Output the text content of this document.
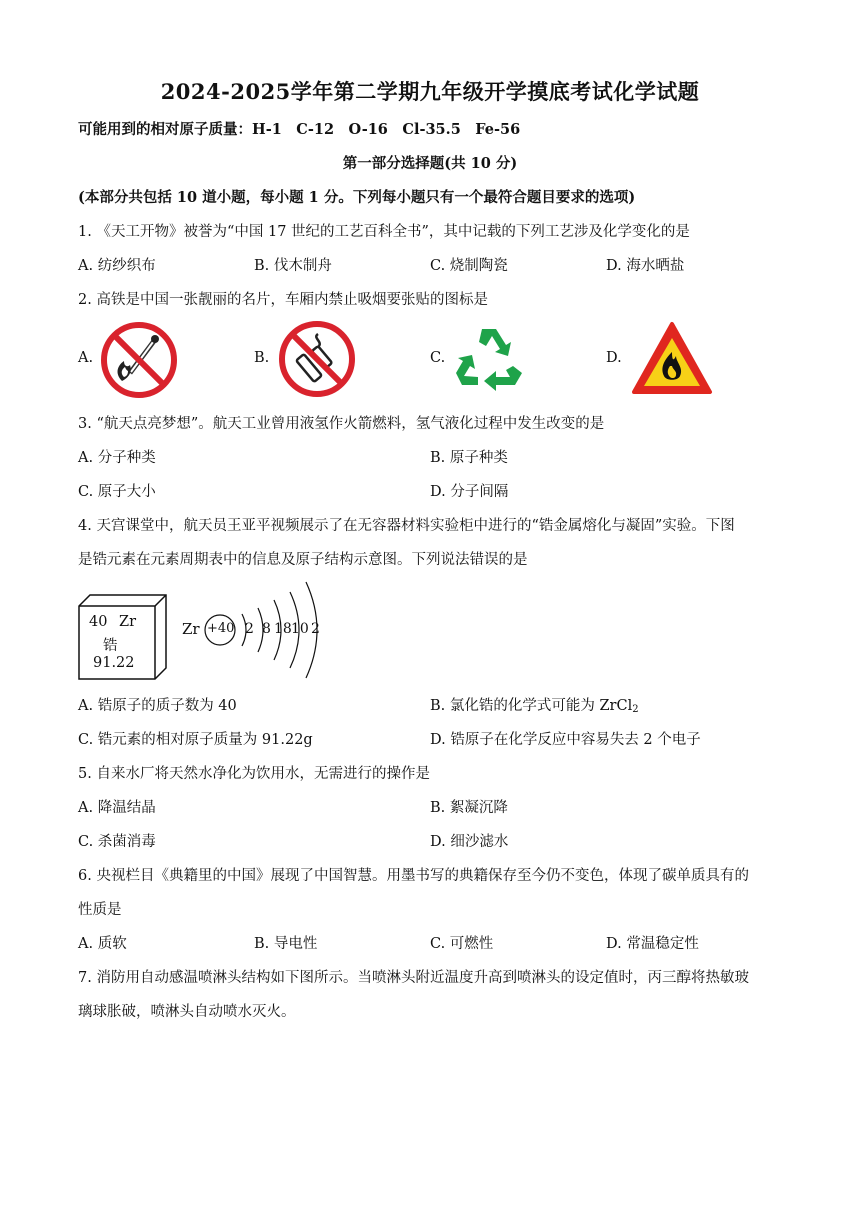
2024-2025学年第二学期九年级开学摸底考试化学试题
可能用到的相对原子质量：H-1　C-12　O-16　Cl-35.5　Fe-56
第一部分选择题(共 10 分)
(本部分共包括 10 道小题，每小题 1 分。下列每小题只有一个最符合题目要求的选项)
1. 《天工开物》被誉为“中国 17 世纪的工艺百科全书”，其中记载的下列工艺涉及化学变化的是
A. 纺纱织布	B. 伐木制舟	C. 烧制陶瓷	D. 海水晒盐
2. 高铁是中国一张靓丽的名片，车厢内禁止吸烟要张贴的图标是
A.	B.	C.	D.
3. “航天点亮梦想”。航天工业曾用液氢作火箭燃料，氢气液化过程中发生改变的是
A. 分子种类	B. 原子种类
C. 原子大小	D. 分子间隔
4. 天宫课堂中，航天员王亚平视频展示了在无容器材料实验柜中进行的“锆金属熔化与凝固”实验。下图
是锆元素在元素周期表中的信息及原子结构示意图。下列说法错误的是
40 Zr
锆
91.22
Zr +40 2 8 18 10 2
A. 锆原子的质子数为 40	B. 氯化锆的化学式可能为 ZrCl$_2$
C. 锆元素的相对原子质量为 91.22g	D. 锆原子在化学反应中容易失去 2 个电子
5. 自来水厂将天然水净化为饮用水，无需进行的操作是
A. 降温结晶	B. 絮凝沉降
C. 杀菌消毒	D. 细沙滤水
6. 央视栏目《典籍里的中国》展现了中国智慧。用墨书写的典籍保存至今仍不变色，体现了碳单质具有的
性质是
A. 质软	B. 导电性	C. 可燃性	D. 常温稳定性
7. 消防用自动感温喷淋头结构如下图所示。当喷淋头附近温度升高到喷淋头的设定值时，丙三醇将热敏玻
璃球胀破，喷淋头自动喷水灭火。
